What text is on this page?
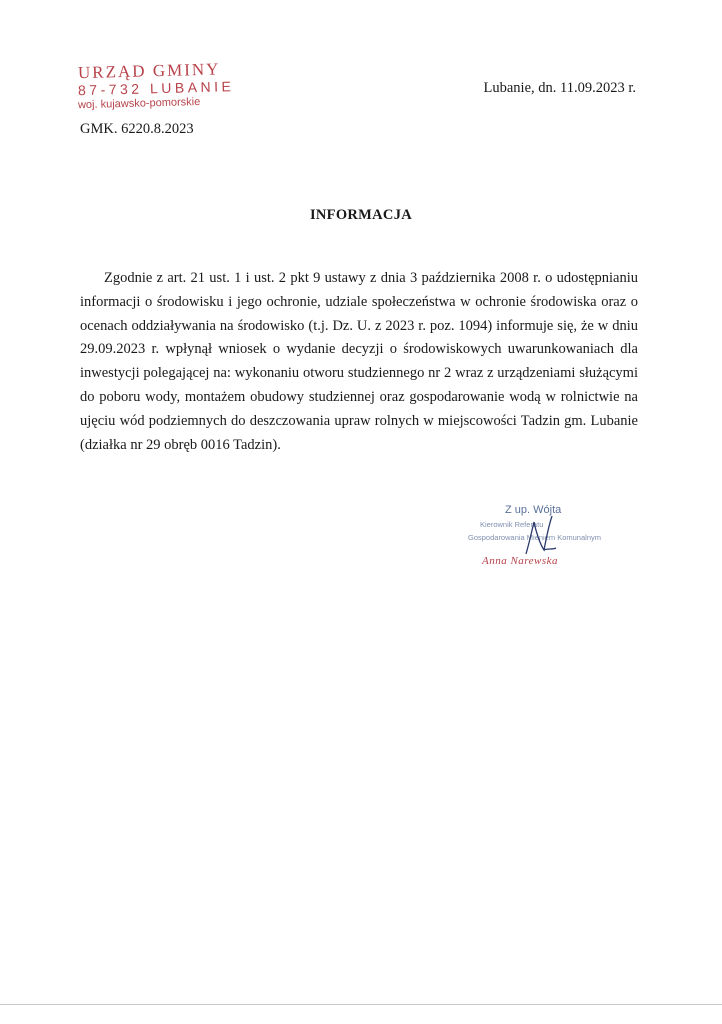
URZĄD GMINY
87-732 LUBANIE
woj. kujawsko-pomorskie
Lubanie, dn. 11.09.2023 r.
GMK. 6220.8.2023
INFORMACJA
Zgodnie z art. 21 ust. 1 i ust. 2 pkt 9 ustawy z dnia 3 października 2008 r. o udostępnianiu informacji o środowisku i jego ochronie, udziale społeczeństwa w ochronie środowiska oraz o ocenach oddziaływania na środowisko (t.j. Dz. U. z 2023 r. poz. 1094) informuje się, że w dniu 29.09.2023 r. wpłynął wniosek o wydanie decyzji o środowiskowych uwarunkowaniach dla inwestycji polegającej na: wykonaniu otworu studziennego nr 2 wraz z urządzeniami służącymi do poboru wody, montażem obudowy studziennej oraz gospodarowanie wodą w rolnictwie na ujęciu wód podziemnych do deszczowania upraw rolnych w miejscowości Tadzin gm. Lubanie (działka nr 29 obręb 0016 Tadzin).
Z up. Wójta
Kierownik Referatu
Gospodarowania Mieniem Komunalnym
Anna Narewska
